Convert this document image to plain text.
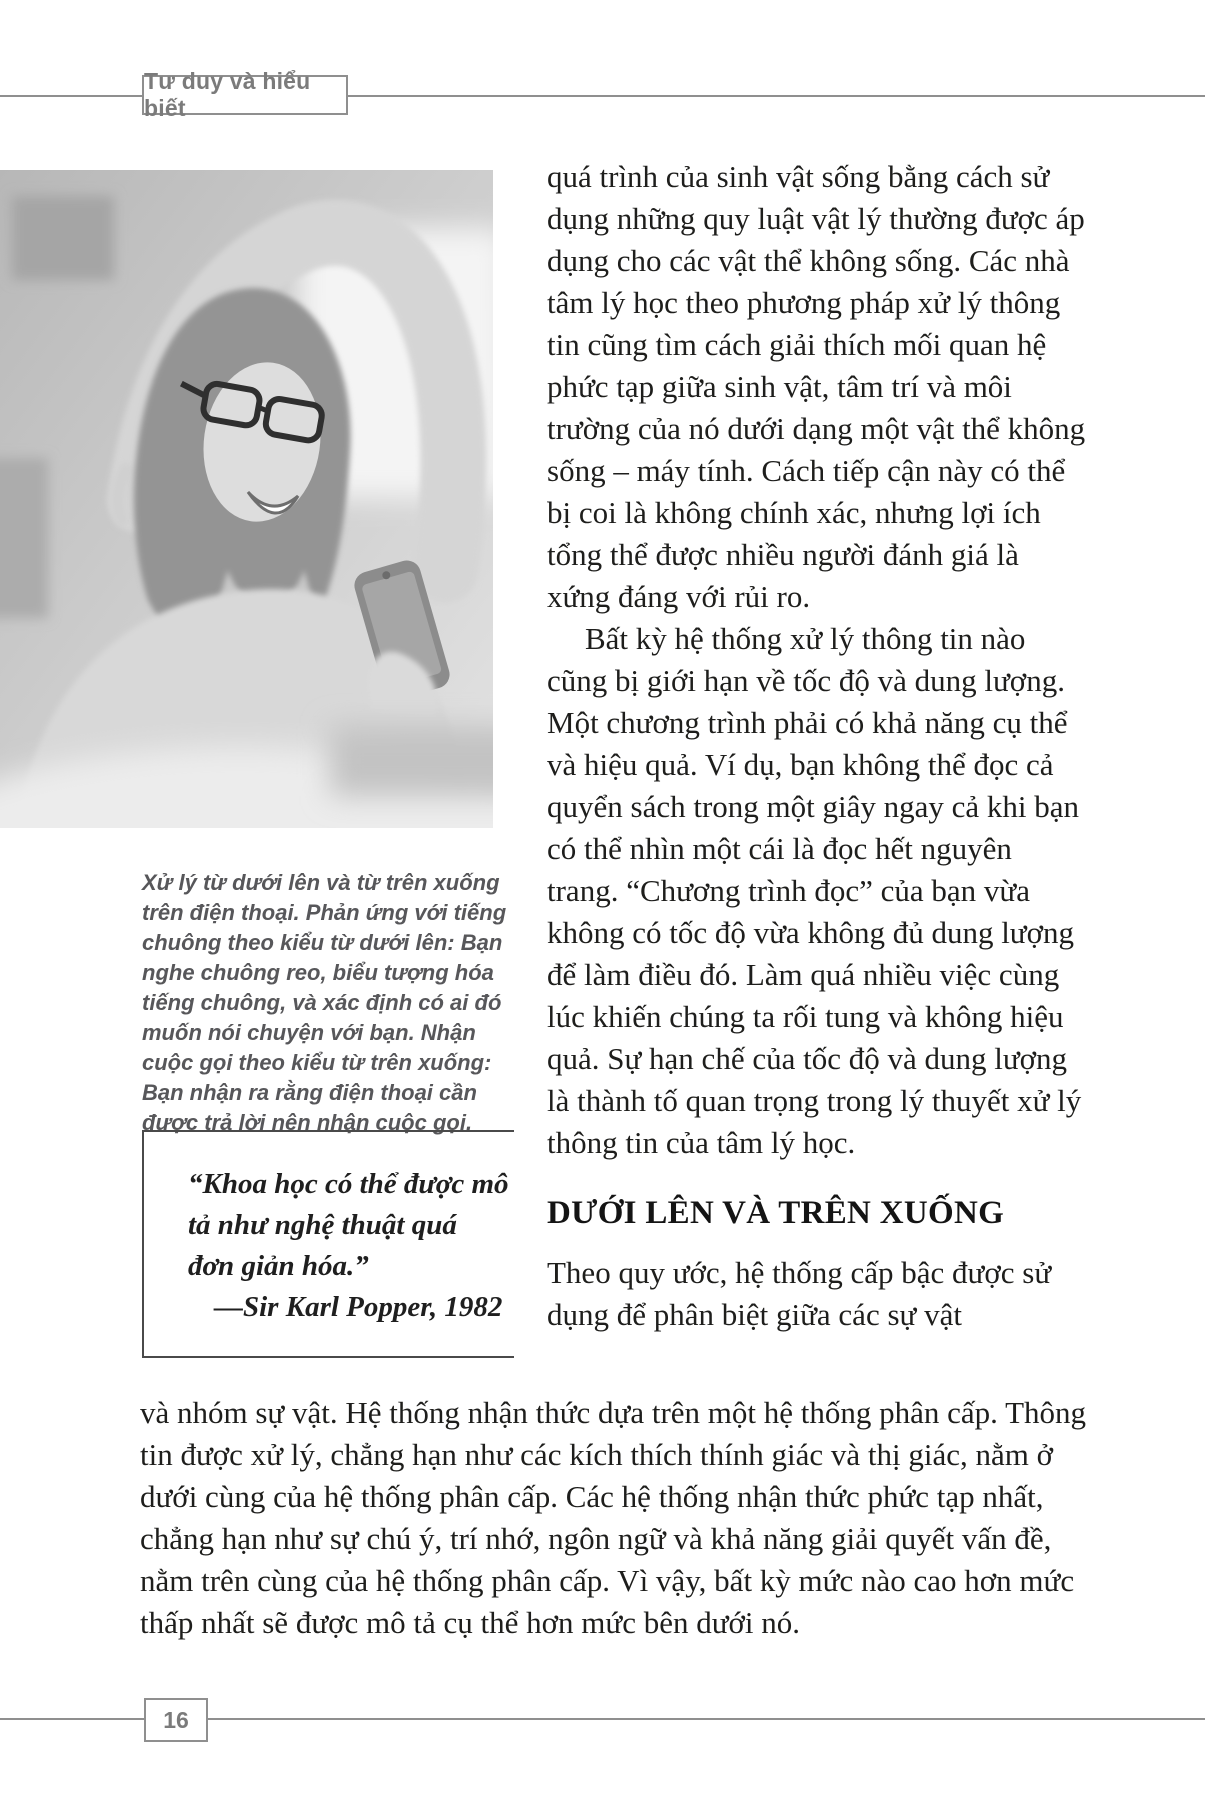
Tư duy và hiểu biết

Xử lý từ dưới lên và từ trên xuống trên điện thoại. Phản ứng với tiếng chuông theo kiểu từ dưới lên: Bạn nghe chuông reo, biểu tượng hóa tiếng chuông, và xác định có ai đó muốn nói chuyện với bạn. Nhận cuộc gọi theo kiểu từ trên xuống: Bạn nhận ra rằng điện thoại cần được trả lời nên nhận cuộc gọi.

“Khoa học có thể được mô tả như nghệ thuật quá đơn giản hóa.”
—Sir Karl Popper, 1982

quá trình của sinh vật sống bằng cách sử dụng những quy luật vật lý thường được áp dụng cho các vật thể không sống. Các nhà tâm lý học theo phương pháp xử lý thông tin cũng tìm cách giải thích mối quan hệ phức tạp giữa sinh vật, tâm trí và môi trường của nó dưới dạng một vật thể không sống – máy tính. Cách tiếp cận này có thể bị coi là không chính xác, nhưng lợi ích tổng thể được nhiều người đánh giá là xứng đáng với rủi ro.

Bất kỳ hệ thống xử lý thông tin nào cũng bị giới hạn về tốc độ và dung lượng. Một chương trình phải có khả năng cụ thể và hiệu quả. Ví dụ, bạn không thể đọc cả quyển sách trong một giây ngay cả khi bạn có thể nhìn một cái là đọc hết nguyên trang. “Chương trình đọc” của bạn vừa không có tốc độ vừa không đủ dung lượng để làm điều đó. Làm quá nhiều việc cùng lúc khiến chúng ta rối tung và không hiệu quả. Sự hạn chế của tốc độ và dung lượng là thành tố quan trọng trong lý thuyết xử lý thông tin của tâm lý học.

DƯỚI LÊN VÀ TRÊN XUỐNG

Theo quy ước, hệ thống cấp bậc được sử dụng để phân biệt giữa các sự vật

và nhóm sự vật. Hệ thống nhận thức dựa trên một hệ thống phân cấp. Thông tin được xử lý, chẳng hạn như các kích thích thính giác và thị giác, nằm ở dưới cùng của hệ thống phân cấp. Các hệ thống nhận thức phức tạp nhất, chẳng hạn như sự chú ý, trí nhớ, ngôn ngữ và khả năng giải quyết vấn đề, nằm trên cùng của hệ thống phân cấp. Vì vậy, bất kỳ mức nào cao hơn mức thấp nhất sẽ được mô tả cụ thể hơn mức bên dưới nó.

16
